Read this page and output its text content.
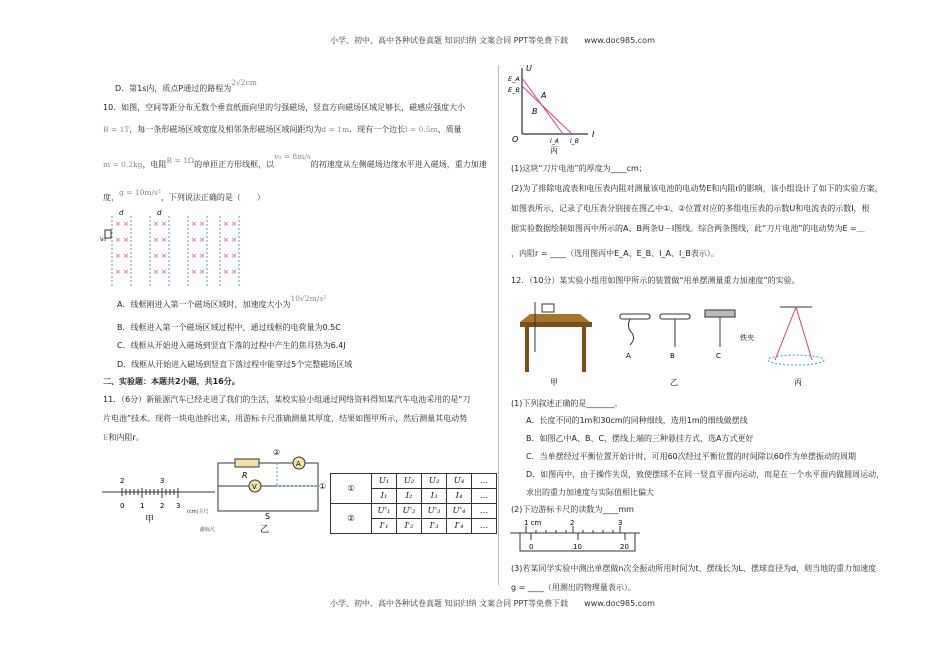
小学、初中、高中各种试卷真题 知识归纳 文案合同 PPT等免费下载　　www.doc985.com
D．第1s内，质点P通过的路程为2√2cm
10．如图，空间等距分布无数个垂直纸面向里的匀强磁场，竖直方向磁场区域足够长，磁感应强度大小
B = 1T，每一条形磁场区域宽度及相邻条形磁场区域间距均为d = 1m．现有一个边长l = 0.5m、质量
m = 0.2kg，电阻R = 1Ω的单匝正方形线框，以v₀ = 8m/s的初速度从左侧磁场边缘水平进入磁场，重力加速
度，g = 10m/s²，下列说法正确的是（　　）
× ×
× ×
× ×
× ×
× ×
× ×
× ×
× ×
× ×
× ×
× ×
× ×
× ×
× ×
× ×
× ×
d	d
v₀
A．线框刚进入第一个磁场区域时，加速度大小为10√2m/s²
B．线框进入第一个磁场区域过程中，通过线框的电荷量为0.5C
C．线框从开始进入磁场到竖直下落的过程中产生的焦耳热为6.4J
D．线框从开始进入磁场到竖直下落过程中能穿过5个完整磁场区域
二、实验题：本题共2小题，共16分。
11．（6分）新能源汽车已经走进了我们的生活，某校实验小组通过网络资料得知某汽车电池采用的是“刀
片电池”技术。现将一块电池拆出来，用游标卡尺准确测量其厚度，结果如图甲所示，然后测量其电动势
E和内阻r。
2	3
0 1 2 3
甲
(cm)主尺
游标尺
A
V
R
S
②
①
乙
①	U₁	U₂	U₃	U₄	…
	I₁	I₂	I₃	I₄	…
②	U'₁	U'₂	U'₃	U'₄	…
	I'₁	I'₂	I'₃	I'₄	…
E_A
E_B
U
I
A
B
O	I_A I_B
丙
(1)这块“刀片电池”的厚度为____cm；
(2)为了排除电流表和电压表内阻对测量该电池的电动势E和内阻r的影响，该小组设计了如下的实验方案，
如图表所示，记录了电压表分别接在图乙中①、②位置对应的多组电压表的示数U和电流表的示数I，根
据实验数据绘制如图丙中所示的A、B两条U－I图线。综合两条图线，此“刀片电池”的电动势为E =＿
，内阻r = ____（选用图丙中E_A、E_B、I_A、I_B表示）。
12．（10分）某实验小组用如图甲所示的装置做“用单摆测量重力加速度”的实验。
甲	乙
A	B	C
铁夹
丙
(1)下列叙述正确的是_______。
A．长度不同的1m和30cm的同种细线，选用1m的细线做摆线
B．如图乙中A、B、C，摆线上端的三种悬挂方式，选A方式更好
C．当单摆经过平衡位置开始计时，可用60次经过平衡位置的时间除以60作为单摆振动的周期
D．如图丙中，由于操作失误，致使摆球不在同一竖直平面内运动，而是在一个水平面内做圆周运动，
求出的重力加速度与实际值相比偏大
(2)下边游标卡尺的读数为____mm
1 cm	2	3
0	10	20
(3)若某同学实验中测出单摆做n次全振动所用时间为t、摆线长为L、摆球直径为d，则当地的重力加速度
g = ____（用测出的物理量表示）。
小学、初中、高中各种试卷真题 知识归纳 文案合同 PPT等免费下载　　www.doc985.com
